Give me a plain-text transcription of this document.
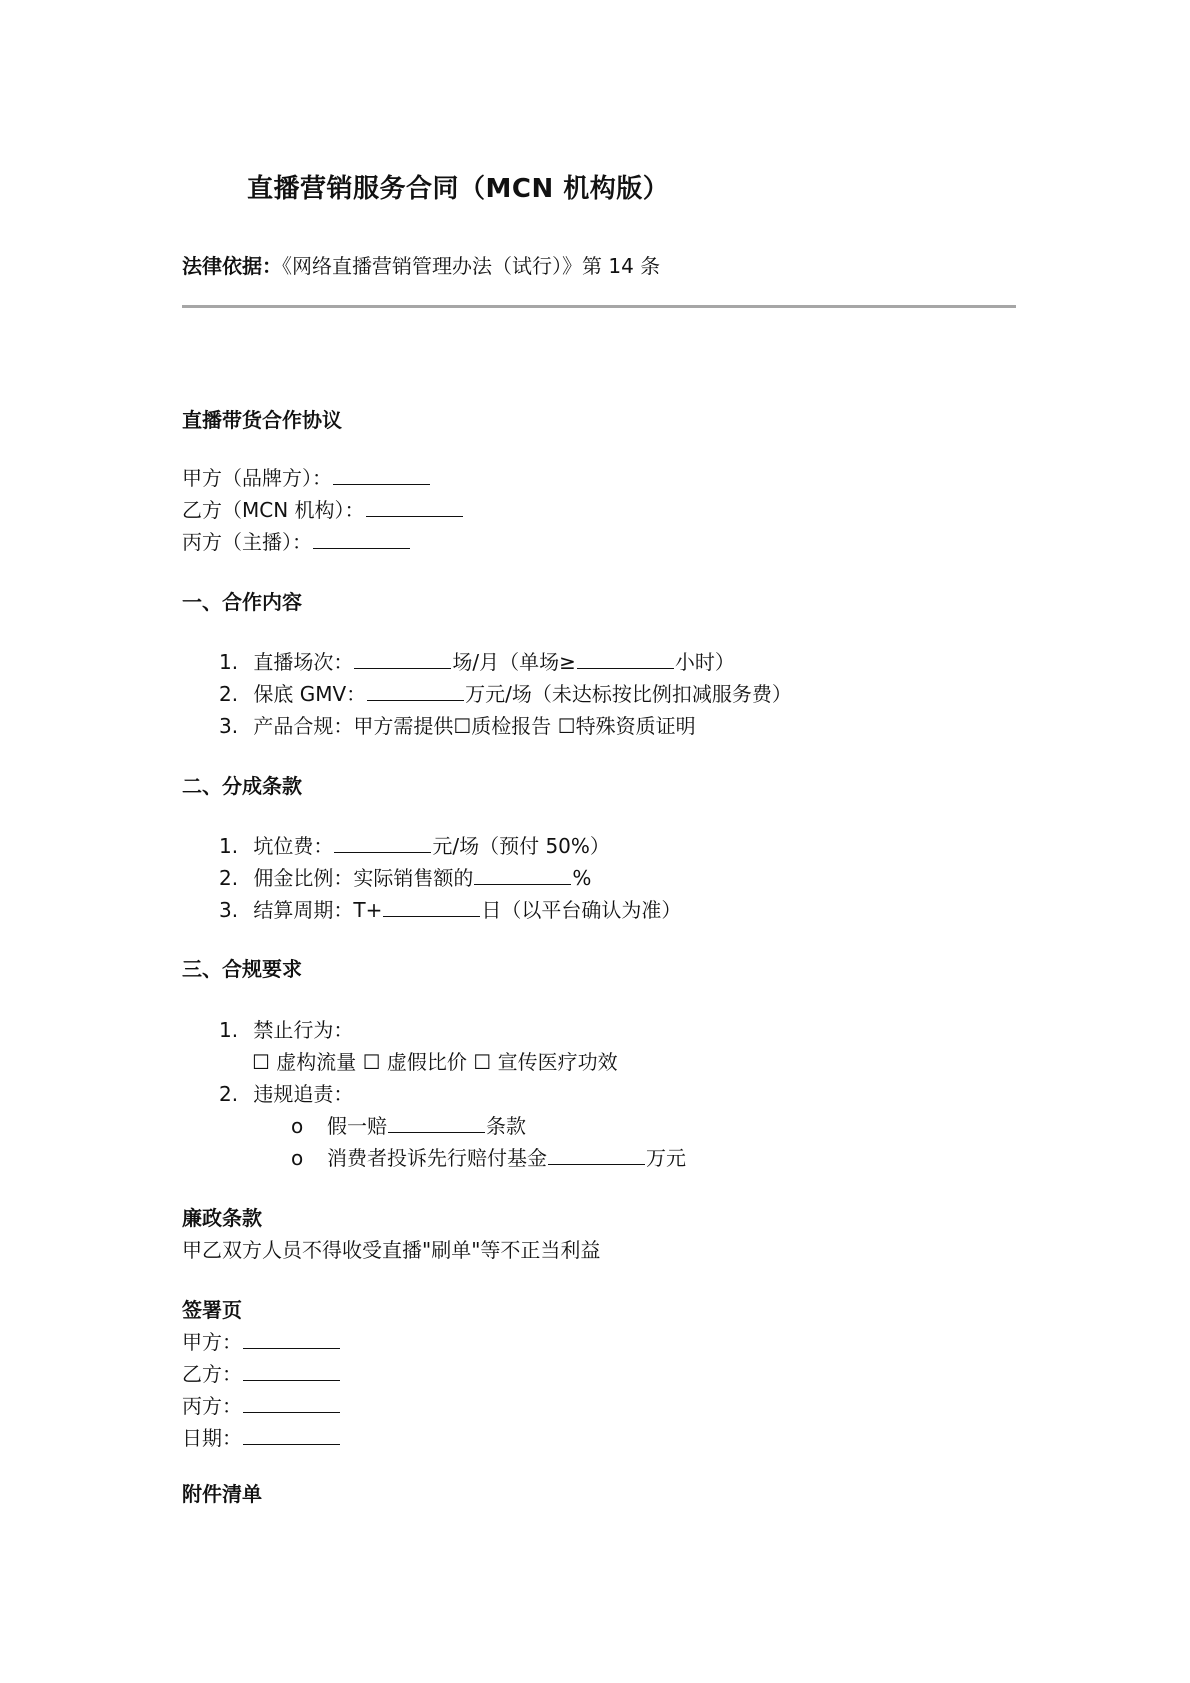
直播营销服务合同（MCN 机构版）
法律依据：《网络直播营销管理办法（试行）》第 14 条
直播带货合作协议
甲方（品牌方）：
乙方（MCN 机构）：
丙方（主播）：
一、合作内容
1. 直播场次：	场/月（单场≥	小时）
2. 保底 GMV：	万元/场（未达标按比例扣减服务费）
3. 产品合规：甲方需提供☐质检报告 ☐特殊资质证明
二、分成条款
1. 坑位费：	元/场（预付 50%）
2. 佣金比例：实际销售额的	%
3. 结算周期：T+	日（以平台确认为准）
三、合规要求
1. 禁止行为：
☐ 虚构流量 ☐ 虚假比价 ☐ 宣传医疗功效
2. 违规追责：
o 假一赔	条款
o 消费者投诉先行赔付基金	万元
廉政条款
甲乙双方人员不得收受直播"刷单"等不正当利益
签署页
甲方：
乙方：
丙方：
日期：
附件清单
